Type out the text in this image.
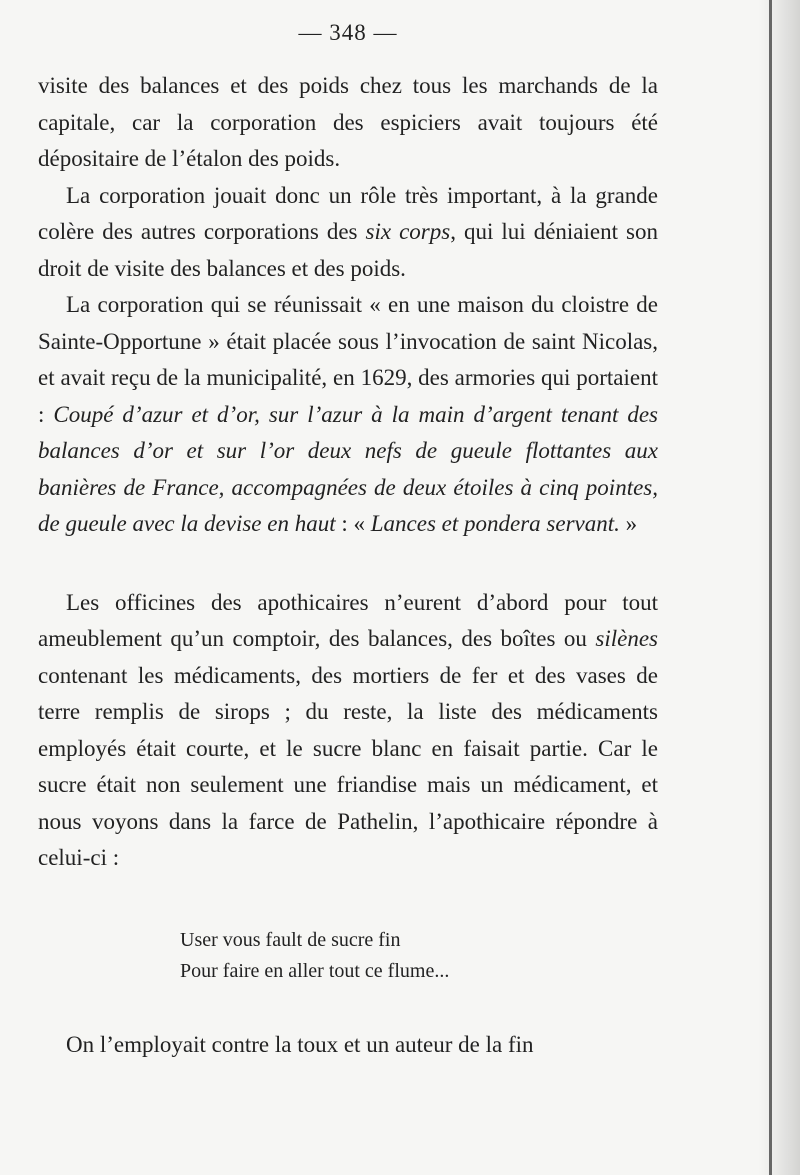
— 348 —

visite des balances et des poids chez tous les marchands de la capitale, car la corporation des espiciers avait toujours été dépositaire de l’étalon des poids.

La corporation jouait donc un rôle très important, à la grande colère des autres corporations des six corps, qui lui déniaient son droit de visite des balances et des poids.

La corporation qui se réunissait « en une maison du cloistre de Sainte-Opportune » était placée sous l’invocation de saint Nicolas, et avait reçu de la municipalité, en 1629, des armories qui portaient : Coupé d’azur et d’or, sur l’azur à la main d’argent tenant des balances d’or et sur l’or deux nefs de gueule flottantes aux banières de France, accompagnées de deux étoiles à cinq pointes, de gueule avec la devise en haut : « Lances et pondera servant. »

Les officines des apothicaires n’eurent d’abord pour tout ameublement qu’un comptoir, des balances, des boîtes ou silènes contenant les médicaments, des mortiers de fer et des vases de terre remplis de sirops ; du reste, la liste des médicaments employés était courte, et le sucre blanc en faisait partie. Car le sucre était non seulement une friandise mais un médicament, et nous voyons dans la farce de Pathelin, l’apothicaire répondre à celui-ci :

User vous fault de sucre fin
Pour faire en aller tout ce flume...

On l’employait contre la toux et un auteur de la fin
